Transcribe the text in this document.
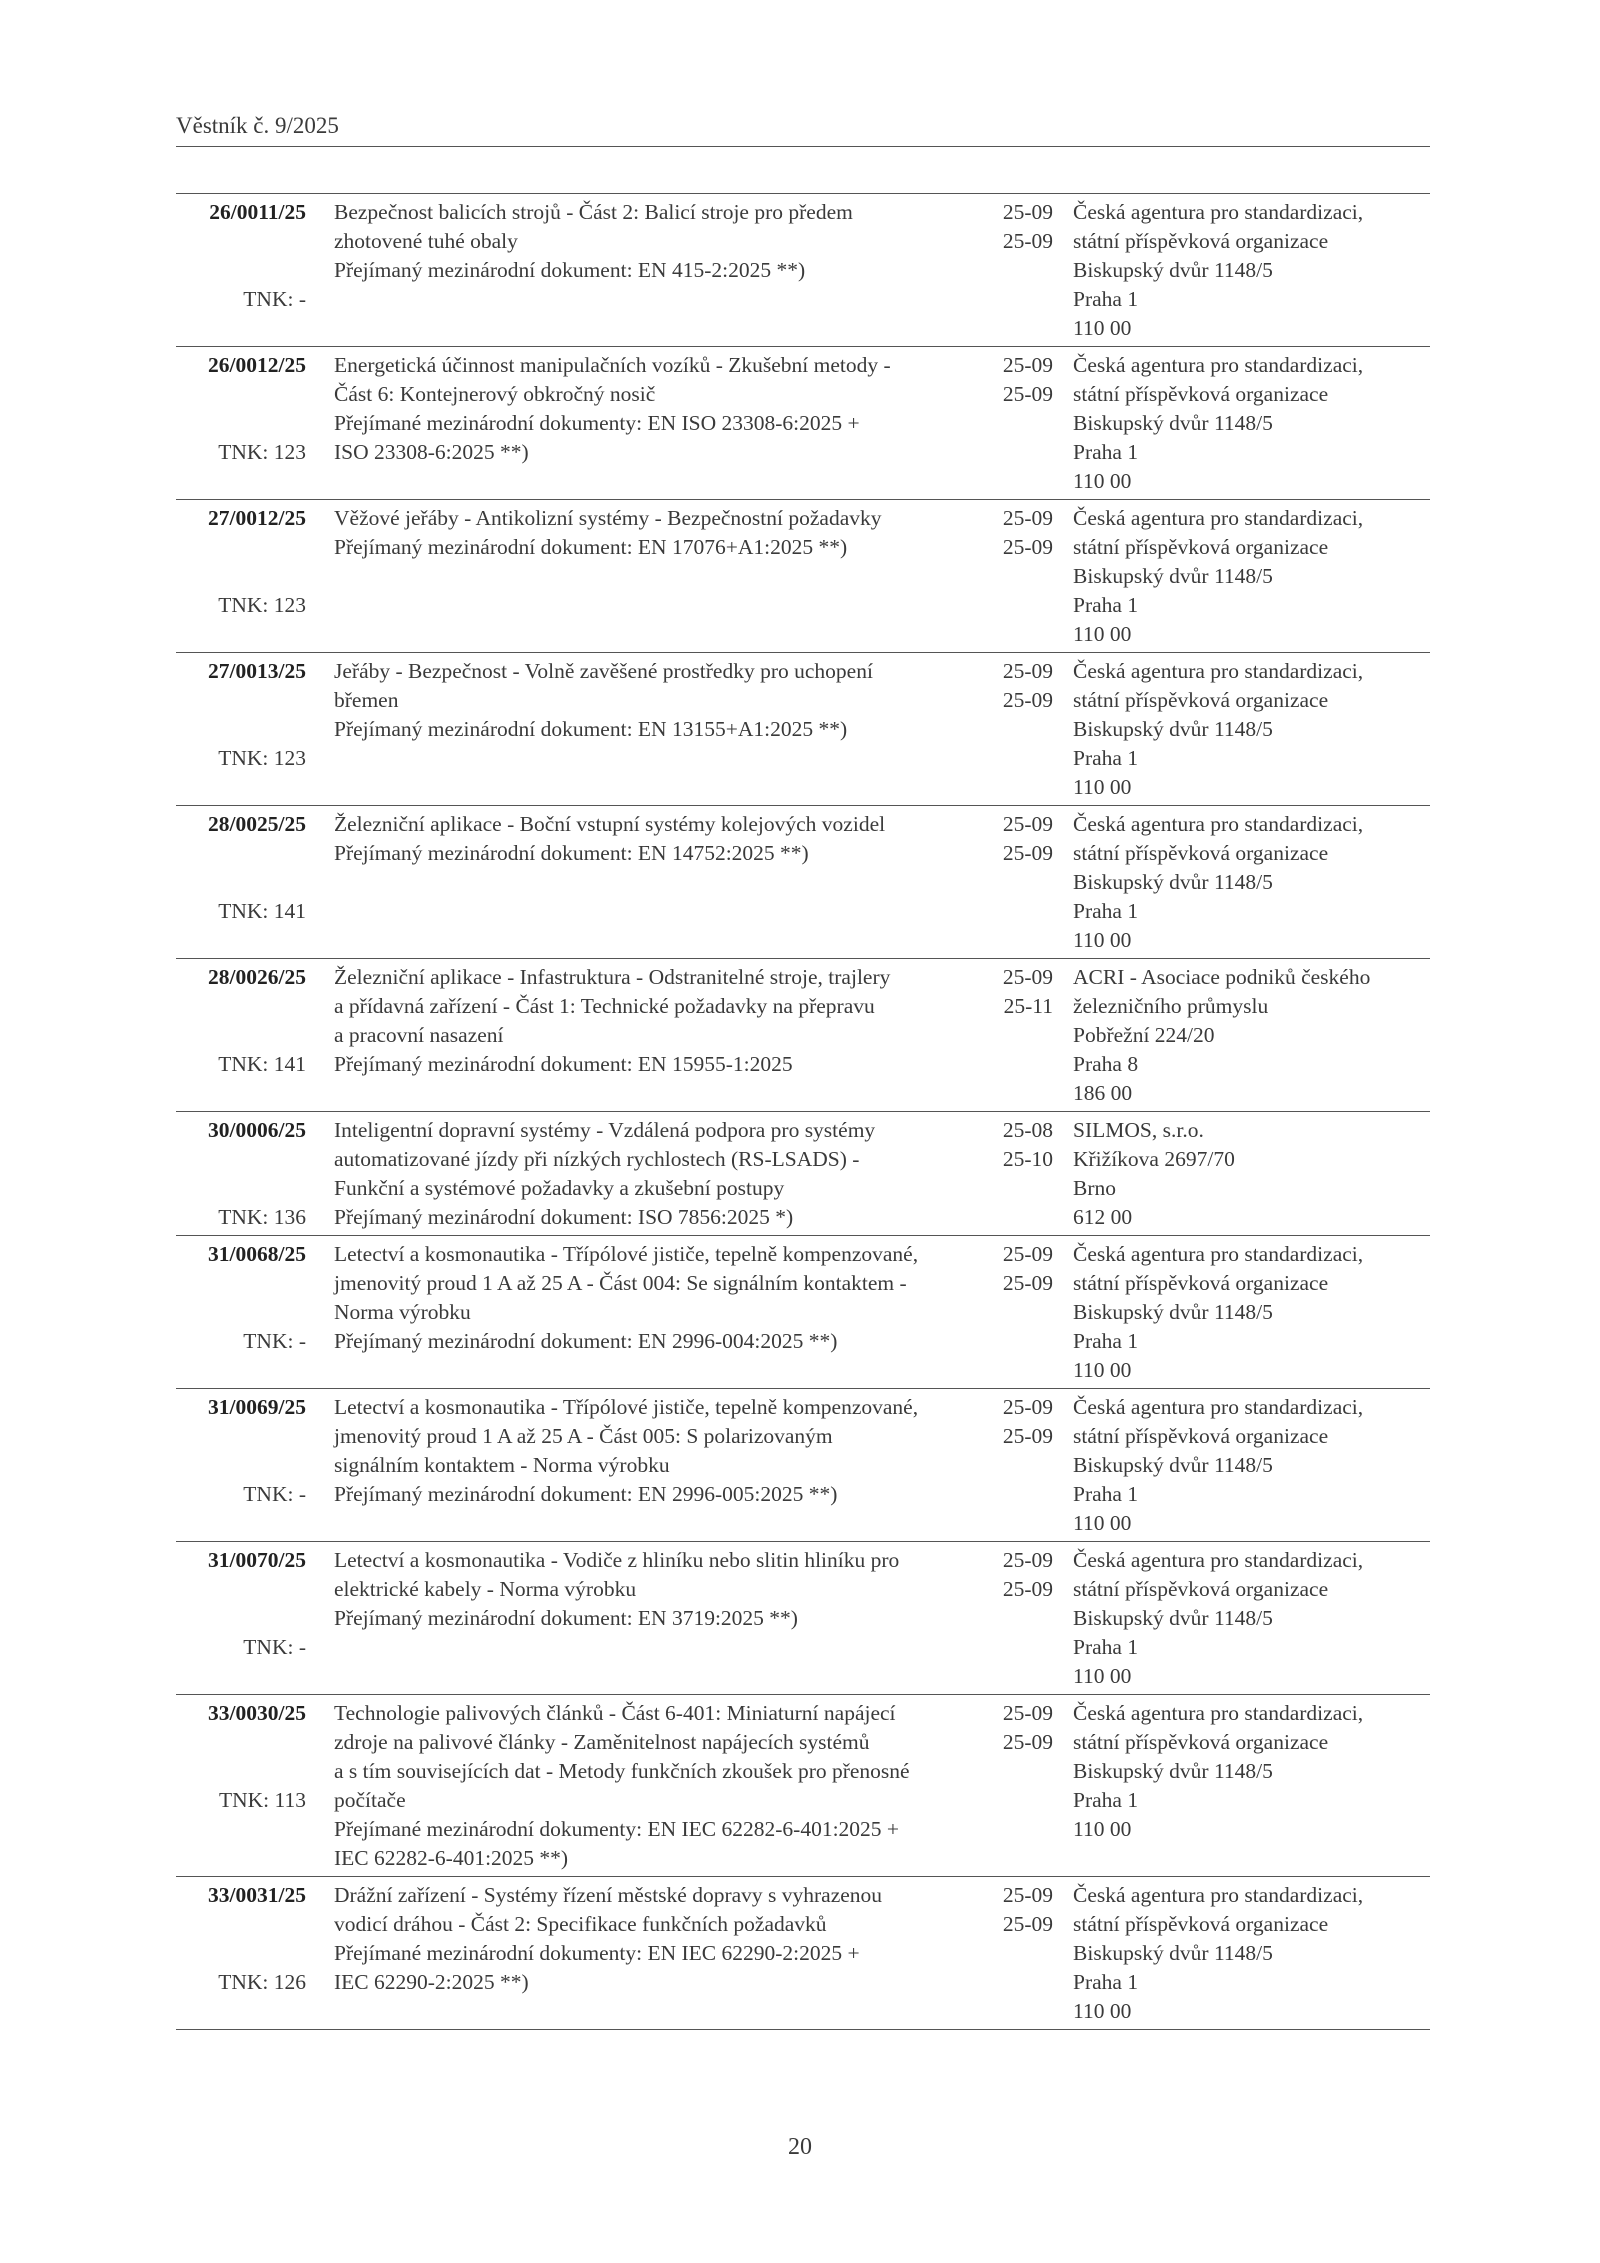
Věstník č. 9/2025
26/0011/25
TNK: -
Bezpečnost balicích strojů - Část 2: Balicí stroje pro předem
zhotovené tuhé obaly
Přejímaný mezinárodní dokument: EN 415-2:2025 **)
25-09
25-09
Česká agentura pro standardizaci,
státní příspěvková organizace
Biskupský dvůr 1148/5
Praha 1
110 00
26/0012/25
TNK: 123
Energetická účinnost manipulačních vozíků - Zkušební metody -
Část 6: Kontejnerový obkročný nosič
Přejímané mezinárodní dokumenty: EN ISO 23308-6:2025 +
ISO 23308-6:2025 **)
25-09
25-09
Česká agentura pro standardizaci,
státní příspěvková organizace
Biskupský dvůr 1148/5
Praha 1
110 00
27/0012/25
TNK: 123
Věžové jeřáby - Antikolizní systémy - Bezpečnostní požadavky
Přejímaný mezinárodní dokument: EN 17076+A1:2025 **)
25-09
25-09
Česká agentura pro standardizaci,
státní příspěvková organizace
Biskupský dvůr 1148/5
Praha 1
110 00
27/0013/25
TNK: 123
Jeřáby - Bezpečnost - Volně zavěšené prostředky pro uchopení
břemen
Přejímaný mezinárodní dokument: EN 13155+A1:2025 **)
25-09
25-09
Česká agentura pro standardizaci,
státní příspěvková organizace
Biskupský dvůr 1148/5
Praha 1
110 00
28/0025/25
TNK: 141
Železniční aplikace - Boční vstupní systémy kolejových vozidel
Přejímaný mezinárodní dokument: EN 14752:2025 **)
25-09
25-09
Česká agentura pro standardizaci,
státní příspěvková organizace
Biskupský dvůr 1148/5
Praha 1
110 00
28/0026/25
TNK: 141
Železniční aplikace - Infastruktura - Odstranitelné stroje, trajlery
a přídavná zařízení - Část 1: Technické požadavky na přepravu
a pracovní nasazení
Přejímaný mezinárodní dokument: EN 15955-1:2025
25-09
25-11
ACRI - Asociace podniků českého
železničního průmyslu
Pobřežní 224/20
Praha 8
186 00
30/0006/25
TNK: 136
Inteligentní dopravní systémy - Vzdálená podpora pro systémy
automatizované jízdy při nízkých rychlostech (RS-LSADS) -
Funkční a systémové požadavky a zkušební postupy
Přejímaný mezinárodní dokument: ISO 7856:2025 *)
25-08
25-10
SILMOS, s.r.o.
Křižíkova 2697/70
Brno
612 00
31/0068/25
TNK: -
Letectví a kosmonautika - Třípólové jističe, tepelně kompenzované,
jmenovitý proud 1 A až 25 A - Část 004: Se signálním kontaktem -
Norma výrobku
Přejímaný mezinárodní dokument: EN 2996-004:2025 **)
25-09
25-09
Česká agentura pro standardizaci,
státní příspěvková organizace
Biskupský dvůr 1148/5
Praha 1
110 00
31/0069/25
TNK: -
Letectví a kosmonautika - Třípólové jističe, tepelně kompenzované,
jmenovitý proud 1 A až 25 A - Část 005: S polarizovaným
signálním kontaktem - Norma výrobku
Přejímaný mezinárodní dokument: EN 2996-005:2025 **)
25-09
25-09
Česká agentura pro standardizaci,
státní příspěvková organizace
Biskupský dvůr 1148/5
Praha 1
110 00
31/0070/25
TNK: -
Letectví a kosmonautika - Vodiče z hliníku nebo slitin hliníku pro
elektrické kabely - Norma výrobku
Přejímaný mezinárodní dokument: EN 3719:2025 **)
25-09
25-09
Česká agentura pro standardizaci,
státní příspěvková organizace
Biskupský dvůr 1148/5
Praha 1
110 00
33/0030/25
TNK: 113
Technologie palivových článků - Část 6-401: Miniaturní napájecí
zdroje na palivové články - Zaměnitelnost napájecích systémů
a s tím souvisejících dat - Metody funkčních zkoušek pro přenosné
počítače
Přejímané mezinárodní dokumenty: EN IEC 62282-6-401:2025 +
IEC 62282-6-401:2025 **)
25-09
25-09
Česká agentura pro standardizaci,
státní příspěvková organizace
Biskupský dvůr 1148/5
Praha 1
110 00
33/0031/25
TNK: 126
Drážní zařízení - Systémy řízení městské dopravy s vyhrazenou
vodicí dráhou - Část 2: Specifikace funkčních požadavků
Přejímané mezinárodní dokumenty: EN IEC 62290-2:2025 +
IEC 62290-2:2025 **)
25-09
25-09
Česká agentura pro standardizaci,
státní příspěvková organizace
Biskupský dvůr 1148/5
Praha 1
110 00
20
